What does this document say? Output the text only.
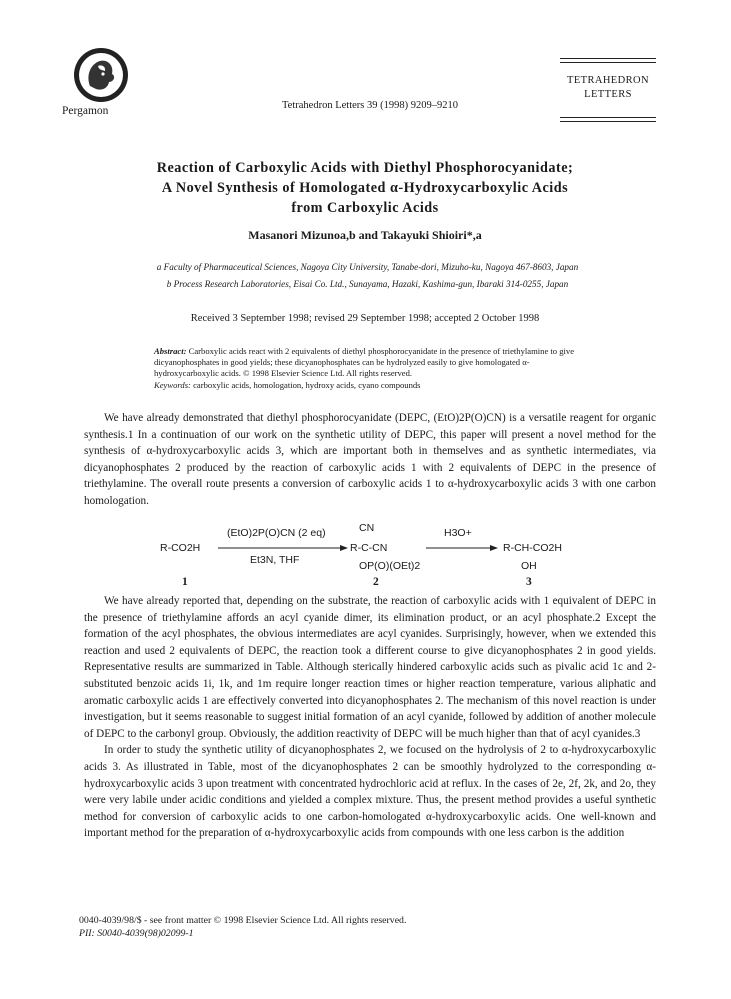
Pergamon	Tetrahedron Letters 39 (1998) 9209–9210
TETRAHEDRON
LETTERS
Reaction of Carboxylic Acids with Diethyl Phosphorocyanidate;
A Novel Synthesis of Homologated α-Hydroxycarboxylic Acids
from Carboxylic Acids
Masanori Mizunoa,b and Takayuki Shioiri*,a
a Faculty of Pharmaceutical Sciences, Nagoya City University, Tanabe-dori, Mizuho-ku, Nagoya 467-8603, Japan
b Process Research Laboratories, Eisai Co. Ltd., Sunayama, Hazaki, Kashima-gun, Ibaraki 314-0255, Japan
Received 3 September 1998; revised 29 September 1998; accepted 2 October 1998
Abstract: Carboxylic acids react with 2 equivalents of diethyl phosphorocyanidate in the presence of triethylamine to give dicyanophosphates in good yields; these dicyanophosphates can be hydrolyzed easily to give homologated α-hydroxycarboxylic acids. © 1998 Elsevier Science Ltd. All rights reserved.
Keywords: carboxylic acids, homologation, hydroxy acids, cyano compounds

We have already demonstrated that diethyl phosphorocyanidate (DEPC, (EtO)2P(O)CN) is a versatile reagent for organic synthesis.1 In a continuation of our work on the synthetic utility of DEPC, this paper will present a novel method for the synthesis of α-hydroxycarboxylic acids 3, which are important both in themselves and as synthetic intermediates, via dicyanophosphates 2 produced by the reaction of carboxylic acids 1 with 2 equivalents of DEPC in the presence of triethylamine. The overall route presents a conversion of carboxylic acids 1 to α-hydroxycarboxylic acids 3 with one carbon homologation.

R-CO2H
(EtO)2P(O)CN (2 eq)
Et3N, THF
CN
R-C-CN
OP(O)(OEt)2
H3O+
R-CH-CO2H
OH
1	2	3

We have already reported that, depending on the substrate, the reaction of carboxylic acids with 1 equivalent of DEPC in the presence of triethylamine affords an acyl cyanide dimer, its elimination product, or an acyl phosphate.2 Except the formation of the acyl phosphates, the obvious intermediates are acyl cyanides. Surprisingly, however, when we extended this reaction and used 2 equivalents of DEPC, the reaction took a different course to give dicyanophosphates 2 in good yields. Representative results are summarized in Table. Although sterically hindered carboxylic acids such as pivalic acid 1c and 2-substituted benzoic acids 1i, 1k, and 1m require longer reaction times or higher reaction temperature, various aliphatic and aromatic carboxylic acids 1 are effectively converted into dicyanophosphates 2. The mechanism of this novel reaction is under investigation, but it seems reasonable to suggest initial formation of an acyl cyanide, followed by addition of another molecule of DEPC to the carbonyl group. Obviously, the addition reactivity of DEPC will be much higher than that of acyl cyanides.3

In order to study the synthetic utility of dicyanophosphates 2, we focused on the hydrolysis of 2 to α-hydroxycarboxylic acids 3. As illustrated in Table, most of the dicyanophosphates 2 can be smoothly hydrolyzed to the corresponding α-hydroxycarboxylic acids 3 upon treatment with concentrated hydrochloric acid at reflux. In the cases of 2e, 2f, 2k, and 2o, they were very labile under acidic conditions and yielded a complex mixture. Thus, the present method provides a useful synthetic method for conversion of carboxylic acids to one carbon-homologated α-hydroxycarboxylic acids. One well-known and important method for the preparation of α-hydroxycarboxylic acids from compounds with one less carbon is the addition

0040-4039/98/$ - see front matter © 1998 Elsevier Science Ltd. All rights reserved.
PII: S0040-4039(98)02099-1
